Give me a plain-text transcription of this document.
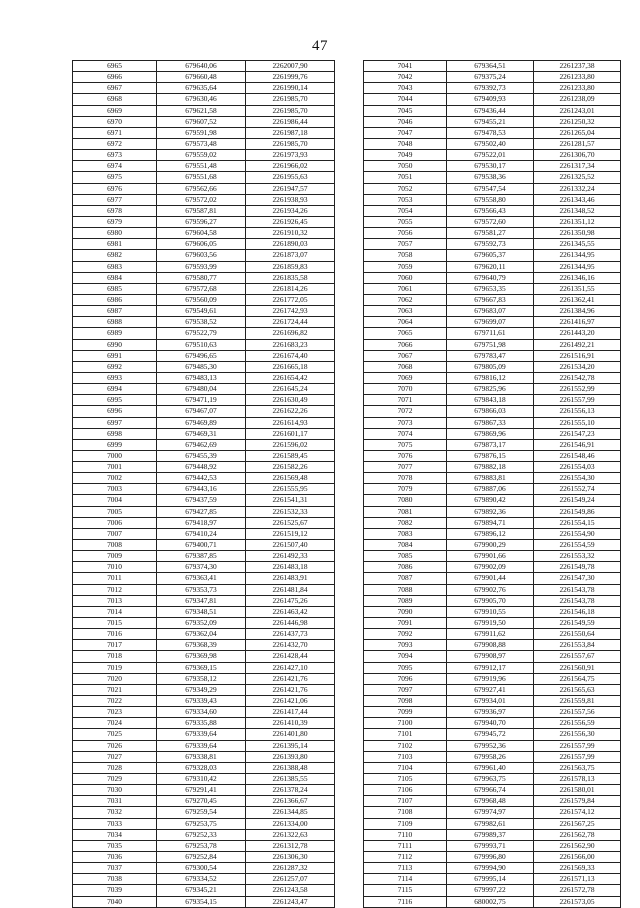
47
6965	679640,06	2262007,90
6966	679660,48	2261999,76
6967	679635,64	2261990,14
6968	679630,46	2261985,70
6969	679621,58	2261985,70
6970	679607,52	2261986,44
6971	679591,98	2261987,18
6972	679573,48	2261985,70
6973	679559,02	2261973,93
6974	679551,48	2261966,02
6975	679551,68	2261955,63
6976	679562,66	2261947,57
6977	679572,02	2261938,93
6978	679587,81	2261934,26
6979	679596,27	2261926,45
6980	679604,58	2261910,32
6981	679606,05	2261890,03
6982	679603,56	2261873,07
6983	679593,99	2261859,83
6984	679580,77	2261835,58
6985	679572,68	2261814,26
6986	679560,09	2261772,05
6987	679549,61	2261742,93
6988	679538,52	2261724,44
6989	679522,79	2261696,82
6990	679510,63	2261683,23
6991	679496,65	2261674,40
6992	679485,30	2261665,18
6993	679483,13	2261654,42
6994	679480,04	2261645,24
6995	679471,19	2261630,49
6996	679467,07	2261622,26
6997	679469,89	2261614,93
6998	679469,31	2261601,17
6999	679462,69	2261596,02
7000	679455,39	2261589,45
7001	679448,92	2261582,26
7002	679442,53	2261569,48
7003	679443,16	2261555,95
7004	679437,59	2261541,31
7005	679427,85	2261532,33
7006	679418,97	2261525,67
7007	679410,24	2261519,12
7008	679400,71	2261507,40
7009	679387,85	2261492,33
7010	679374,30	2261483,18
7011	679363,41	2261483,91
7012	679353,73	2261481,84
7013	679347,81	2261475,26
7014	679348,51	2261463,42
7015	679352,09	2261446,98
7016	679362,04	2261437,73
7017	679368,39	2261432,70
7018	679369,98	2261428,44
7019	679369,15	2261427,10
7020	679358,12	2261421,76
7021	679349,29	2261421,76
7022	679339,43	2261421,06
7023	679334,60	2261417,44
7024	679335,88	2261410,39
7025	679339,64	2261401,80
7026	679339,64	2261395,14
7027	679338,81	2261393,80
7028	679328,03	2261388,48
7029	679310,42	2261385,55
7030	679291,41	2261378,24
7031	679270,45	2261366,67
7032	679259,54	2261344,85
7033	679253,75	2261334,00
7034	679252,33	2261322,63
7035	679253,78	2261312,78
7036	679252,84	2261306,30
7037	679300,54	2261287,32
7038	679334,52	2261257,07
7039	679345,21	2261243,58
7040	679354,15	2261243,47
7041	679364,51	2261237,38
7042	679375,24	2261233,80
7043	679392,73	2261233,80
7044	679409,93	2261238,09
7045	679436,44	2261243,01
7046	679455,21	2261250,32
7047	679478,53	2261265,04
7048	679502,40	2261281,57
7049	679522,01	2261306,70
7050	679530,17	2261317,34
7051	679538,36	2261325,52
7052	679547,54	2261332,24
7053	679558,80	2261343,46
7054	679566,43	2261348,52
7055	679572,60	2261351,12
7056	679581,27	2261350,98
7057	679592,73	2261345,55
7058	679605,37	2261344,95
7059	679620,11	2261344,95
7060	679640,79	2261346,16
7061	679653,35	2261351,55
7062	679667,83	2261362,41
7063	679683,07	2261384,96
7064	679699,07	2261416,97
7065	679711,61	2261443,20
7066	679751,98	2261492,21
7067	679783,47	2261516,91
7068	679805,09	2261534,20
7069	679816,12	2261542,78
7070	679825,96	2261552,99
7071	679843,18	2261557,99
7072	679866,03	2261556,13
7073	679867,33	2261555,10
7074	679869,96	2261547,23
7075	679873,17	2261546,91
7076	679876,15	2261548,46
7077	679882,18	2261554,03
7078	679883,81	2261554,30
7079	679887,06	2261552,74
7080	679890,42	2261549,24
7081	679892,36	2261549,86
7082	679894,71	2261554,15
7083	679896,12	2261554,90
7084	679900,29	2261554,59
7085	679901,66	2261553,32
7086	679902,09	2261549,78
7087	679901,44	2261547,30
7088	679902,76	2261543,78
7089	679905,70	2261543,78
7090	679910,55	2261546,18
7091	679919,50	2261549,59
7092	679911,62	2261550,64
7093	679908,88	2261553,84
7094	679908,97	2261557,67
7095	679912,17	2261560,91
7096	679919,96	2261564,75
7097	679927,41	2261565,63
7098	679934,01	2261559,81
7099	679936,97	2261557,56
7100	679940,70	2261556,59
7101	679945,72	2261556,30
7102	679952,36	2261557,99
7103	679958,26	2261557,99
7104	679961,40	2261563,75
7105	679963,75	2261578,13
7106	679966,74	2261580,01
7107	679968,48	2261579,84
7108	679974,97	2261574,12
7109	679982,61	2261567,25
7110	679989,37	2261562,78
7111	679993,71	2261562,90
7112	679996,80	2261566,00
7113	679994,90	2261569,33
7114	679995,14	2261571,13
7115	679997,22	2261572,78
7116	680002,75	2261573,05
